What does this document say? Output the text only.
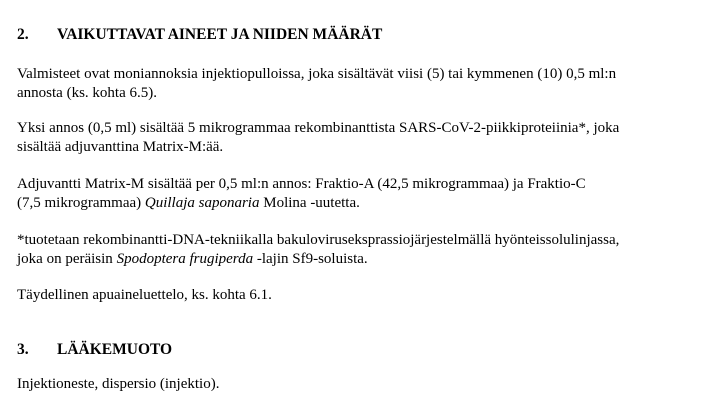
2. VAIKUTTAVAT AINEET JA NIIDEN MÄÄRÄT
Valmisteet ovat moniannoksia injektiopulloissa, joka sisältävät viisi (5) tai kymmenen (10) 0,5 ml:n
annosta (ks. kohta 6.5).
Yksi annos (0,5 ml) sisältää 5 mikrogrammaa rekombinanttista SARS-CoV-2-piikkiproteiinia*, joka
sisältää adjuvanttina Matrix-M:ää.
Adjuvantti Matrix-M sisältää per 0,5 ml:n annos: Fraktio-A (42,5 mikrogrammaa) ja Fraktio-C
(7,5 mikrogrammaa) Quillaja saponaria Molina -uutetta.
*tuotetaan rekombinantti-DNA-tekniikalla bakuloviruseksprassiojärjestelmällä hyönteissolulinjassa,
joka on peräisin Spodoptera frugiperda -lajin Sf9-soluista.
Täydellinen apuaineluettelo, ks. kohta 6.1.
3. LÄÄKEMUOTO
Injektioneste, dispersio (injektio).
